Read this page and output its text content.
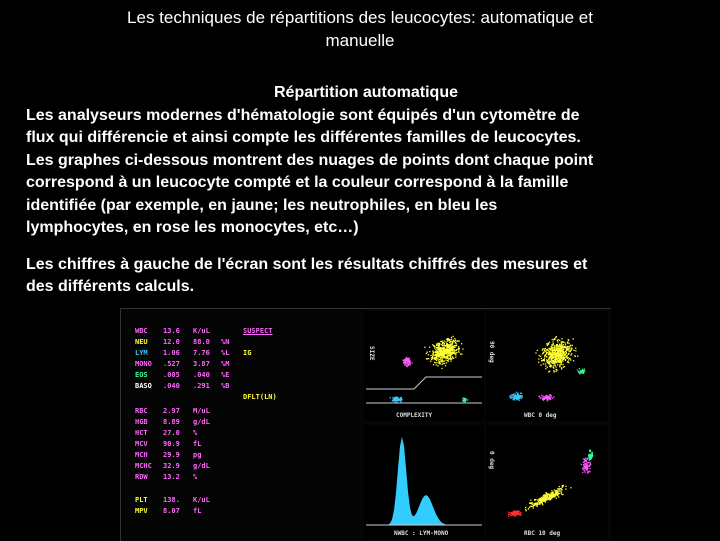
Les techniques de répartitions des leucocytes: automatique et
manuelle
Répartition automatique
Les analyseurs modernes d'hématologie sont équipés d'un cytomètre de
flux qui différencie et ainsi compte les différentes familles de leucocytes.
Les graphes ci-dessous montrent des nuages de points dont chaque point
correspond à un leucocyte compté et la couleur correspond à la famille
identifiée (par exemple, en jaune; les neutrophiles, en bleu les
lymphocytes, en rose les monocytes, etc…)
Les chiffres à gauche de l'écran sont les résultats chiffrés des mesures et
des différents calculs.
SUSPECT
IG
DFLT(LN)
WBC 13.6 K/uL
NEU 12.0 88.0 %N
LYM 1.06 7.76 %L
MONO .527 3.87 %M
EOS .005 .040 %E
BASO .040 .291 %B
RBC 2.97 M/uL
HGB 8.89 g/dL
HCT 27.0 %
MCV 90.9 fL
MCH 29.9 pg
MCHC 32.9 g/dL
RDW 13.2 %
PLT 138. K/uL
MPV 8.07 fL
SIZE
COMPLEXITY
90 deg
WBC 0 deg
NWBC : LYM-MONO
0 deg
RBC 10 deg
